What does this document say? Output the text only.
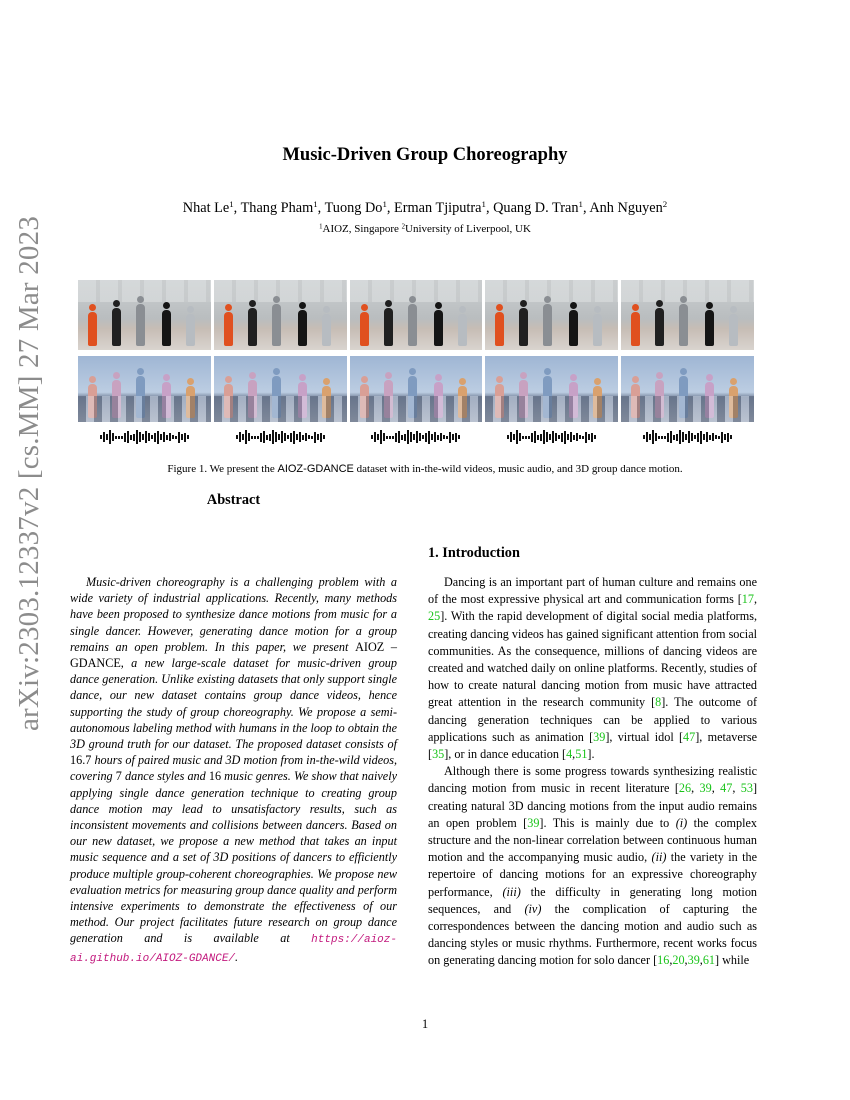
arXiv:2303.12337v2 [cs.MM] 27 Mar 2023
Music-Driven Group Choreography
Nhat Le$^1$, Thang Pham$^1$, Tuong Do$^1$, Erman Tjiputra$^1$, Quang D. Tran$^1$, Anh Nguyen$^2$
$^1$AIOZ, Singapore $^2$University of Liverpool, UK
Figure 1. We present the AIOZ-GDANCE dataset with in-the-wild videos, music audio, and 3D group dance motion.
Abstract
Music-driven choreography is a challenging problem with a wide variety of industrial applications. Recently, many methods have been proposed to synthesize dance motions from music for a single dancer. However, generating dance motion for a group remains an open problem. In this paper, we present AIOZ – GDANCE, a new large-scale dataset for music-driven group dance generation. Unlike existing datasets that only support single dance, our new dataset contains group dance videos, hence supporting the study of group choreography. We propose a semi-autonomous labeling method with humans in the loop to obtain the 3D ground truth for our dataset. The proposed dataset consists of 16.7 hours of paired music and 3D motion from in-the-wild videos, covering 7 dance styles and 16 music genres. We show that naively applying single dance generation technique to creating group dance motion may lead to unsatisfactory results, such as inconsistent movements and collisions between dancers. Based on our new dataset, we propose a new method that takes an input music sequence and a set of 3D positions of dancers to efficiently produce multiple group-coherent choreographies. We propose new evaluation metrics for measuring group dance quality and perform intensive experiments to demonstrate the effectiveness of our method. Our project facilitates future research on group dance generation and is available at https://aioz-ai.github.io/AIOZ-GDANCE/.
1. Introduction

Dancing is an important part of human culture and remains one of the most expressive physical art and communication forms [17, 25]. With the rapid development of digital social media platforms, creating dancing videos has gained significant attention from social communities. As the consequence, millions of dancing videos are created and watched daily on online platforms. Recently, studies of how to create natural dancing motion from music have attracted great attention in the research community [8]. The outcome of dancing generation techniques can be applied to various applications such as animation [39], virtual idol [47], metaverse [35], or in dance education [4,51].

Although there is some progress towards synthesizing realistic dancing motion from music in recent literature [26, 39, 47, 53] creating natural 3D dancing motions from the input audio remains an open problem [39]. This is mainly due to (i) the complex structure and the non-linear correlation between continuous human motion and the accompanying music audio, (ii) the variety in the repertoire of dancing motions for an expressive choreography performance, (iii) the difficulty in generating long motion sequences, and (iv) the complication of capturing the correspondences between the dancing motion and audio such as dancing styles or music rhythms. Furthermore, recent works focus on generating dancing motion for solo dancer [16,20,39,61] while

1
